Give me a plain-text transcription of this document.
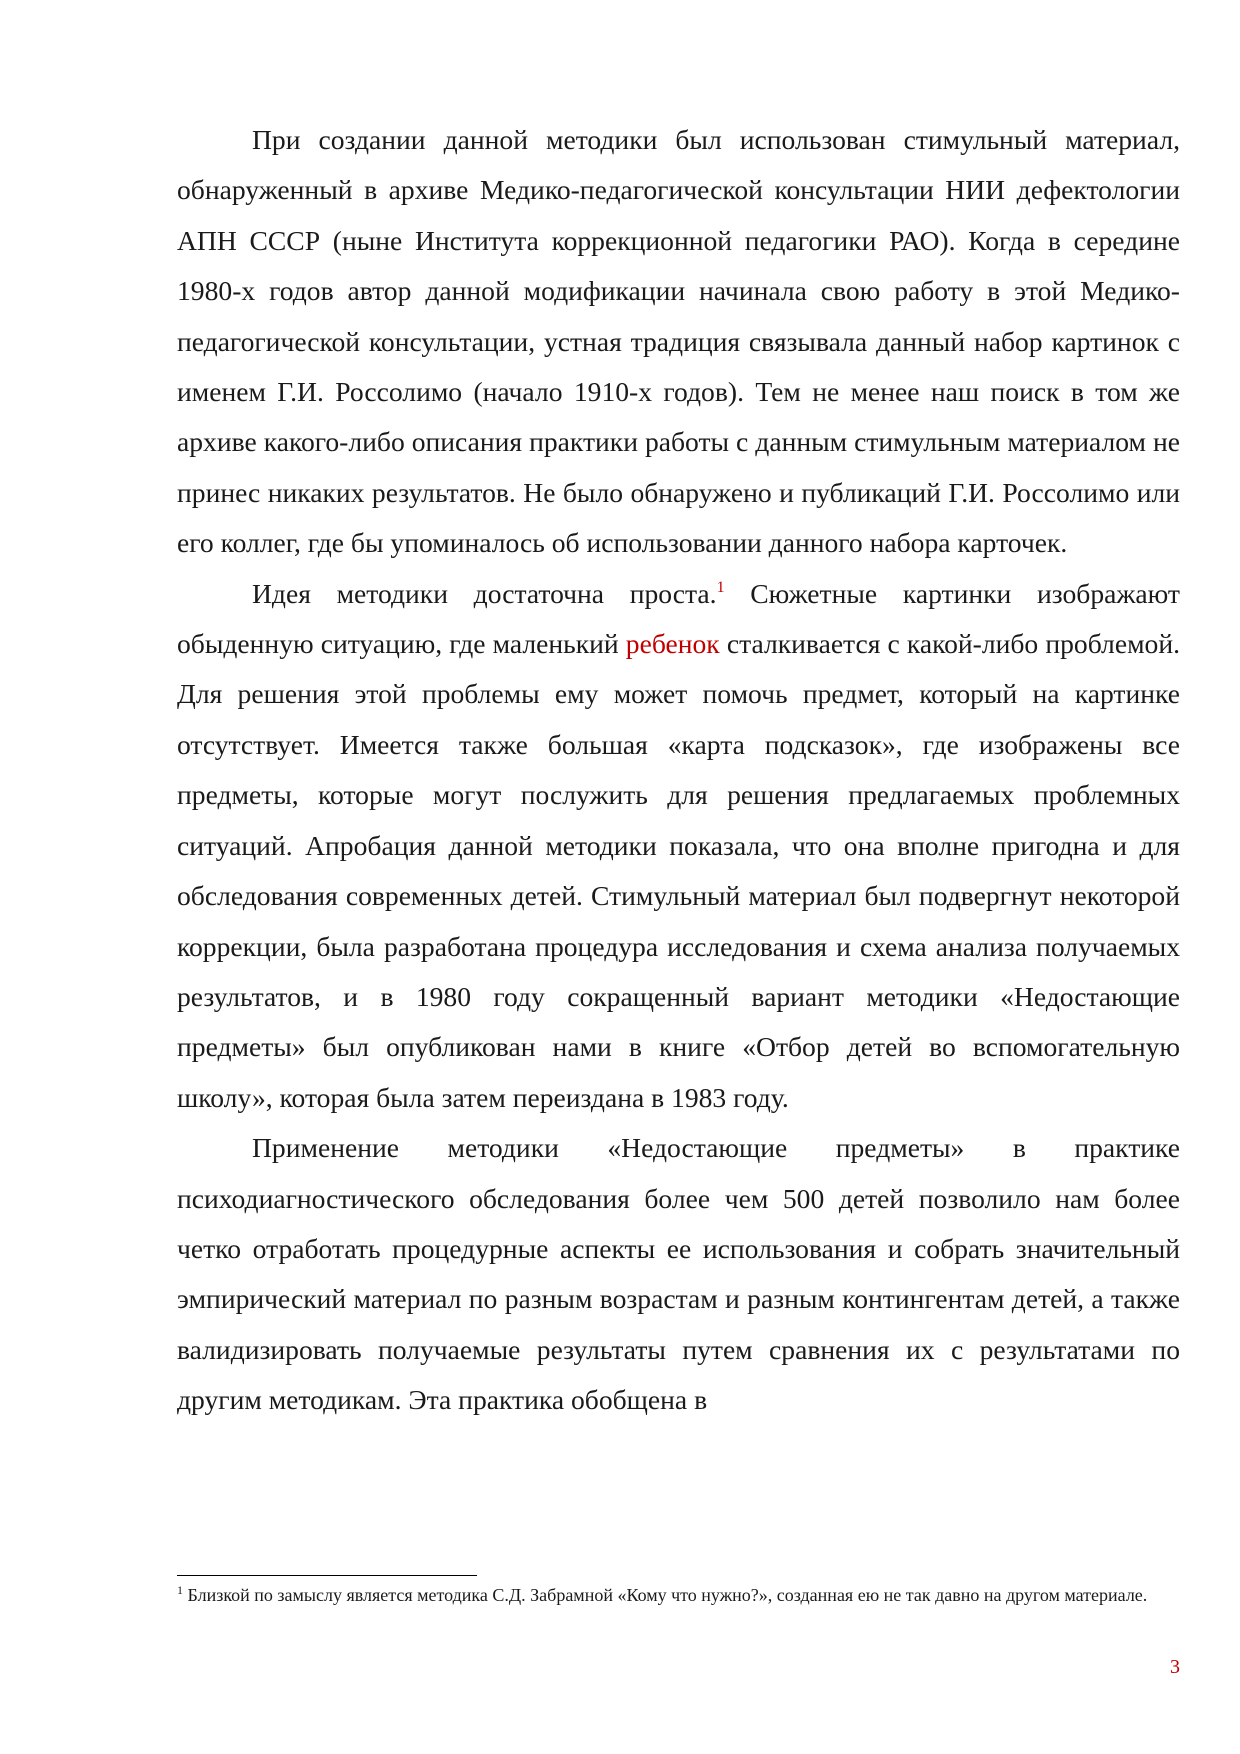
При создании данной методики был использован стимульный материал, обнаруженный в архиве Медико-педагогической консультации НИИ дефектологии АПН СССР (ныне Института коррекционной педагогики РАО). Когда в середине 1980-х годов автор данной модификации начинала свою работу в этой Медико-педагогической консультации, устная традиция связывала данный набор картинок с именем Г.И. Россолимо (начало 1910-х годов). Тем не менее наш поиск в том же архиве какого-либо описания практики работы с данным стимульным материалом не принес никаких результатов. Не было обнаружено и публикаций Г.И. Россолимо или его коллег, где бы упоминалось об использовании данного набора карточек.

Идея методики достаточна проста.$^1$ Сюжетные картинки изображают обыденную ситуацию, где маленький ребенок сталкивается с какой-либо проблемой. Для решения этой проблемы ему может помочь предмет, который на картинке отсутствует. Имеется также большая «карта подсказок», где изображены все предметы, которые могут послужить для решения предлагаемых проблемных ситуаций. Апробация данной методики показала, что она вполне пригодна и для обследования современных детей. Стимульный материал был подвергнут некоторой коррекции, была разработана процедура исследования и схема анализа получаемых результатов, и в 1980 году сокращенный вариант методики «Недостающие предметы» был опубликован нами в книге «Отбор детей во вспомогательную школу», которая была затем переиздана в 1983 году.

Применение методики «Недостающие предметы» в практике психодиагностического обследования более чем 500 детей позволило нам более четко отработать процедурные аспекты ее использования и собрать значительный эмпирический материал по разным возрастам и разным контингентам детей, а также валидизировать получаемые результаты путем сравнения их с результатами по другим методикам. Эта практика обобщена в

$^1$ Близкой по замыслу является методика С.Д. Забрамной «Кому что нужно?», созданная ею не так давно на другом материале.
3
